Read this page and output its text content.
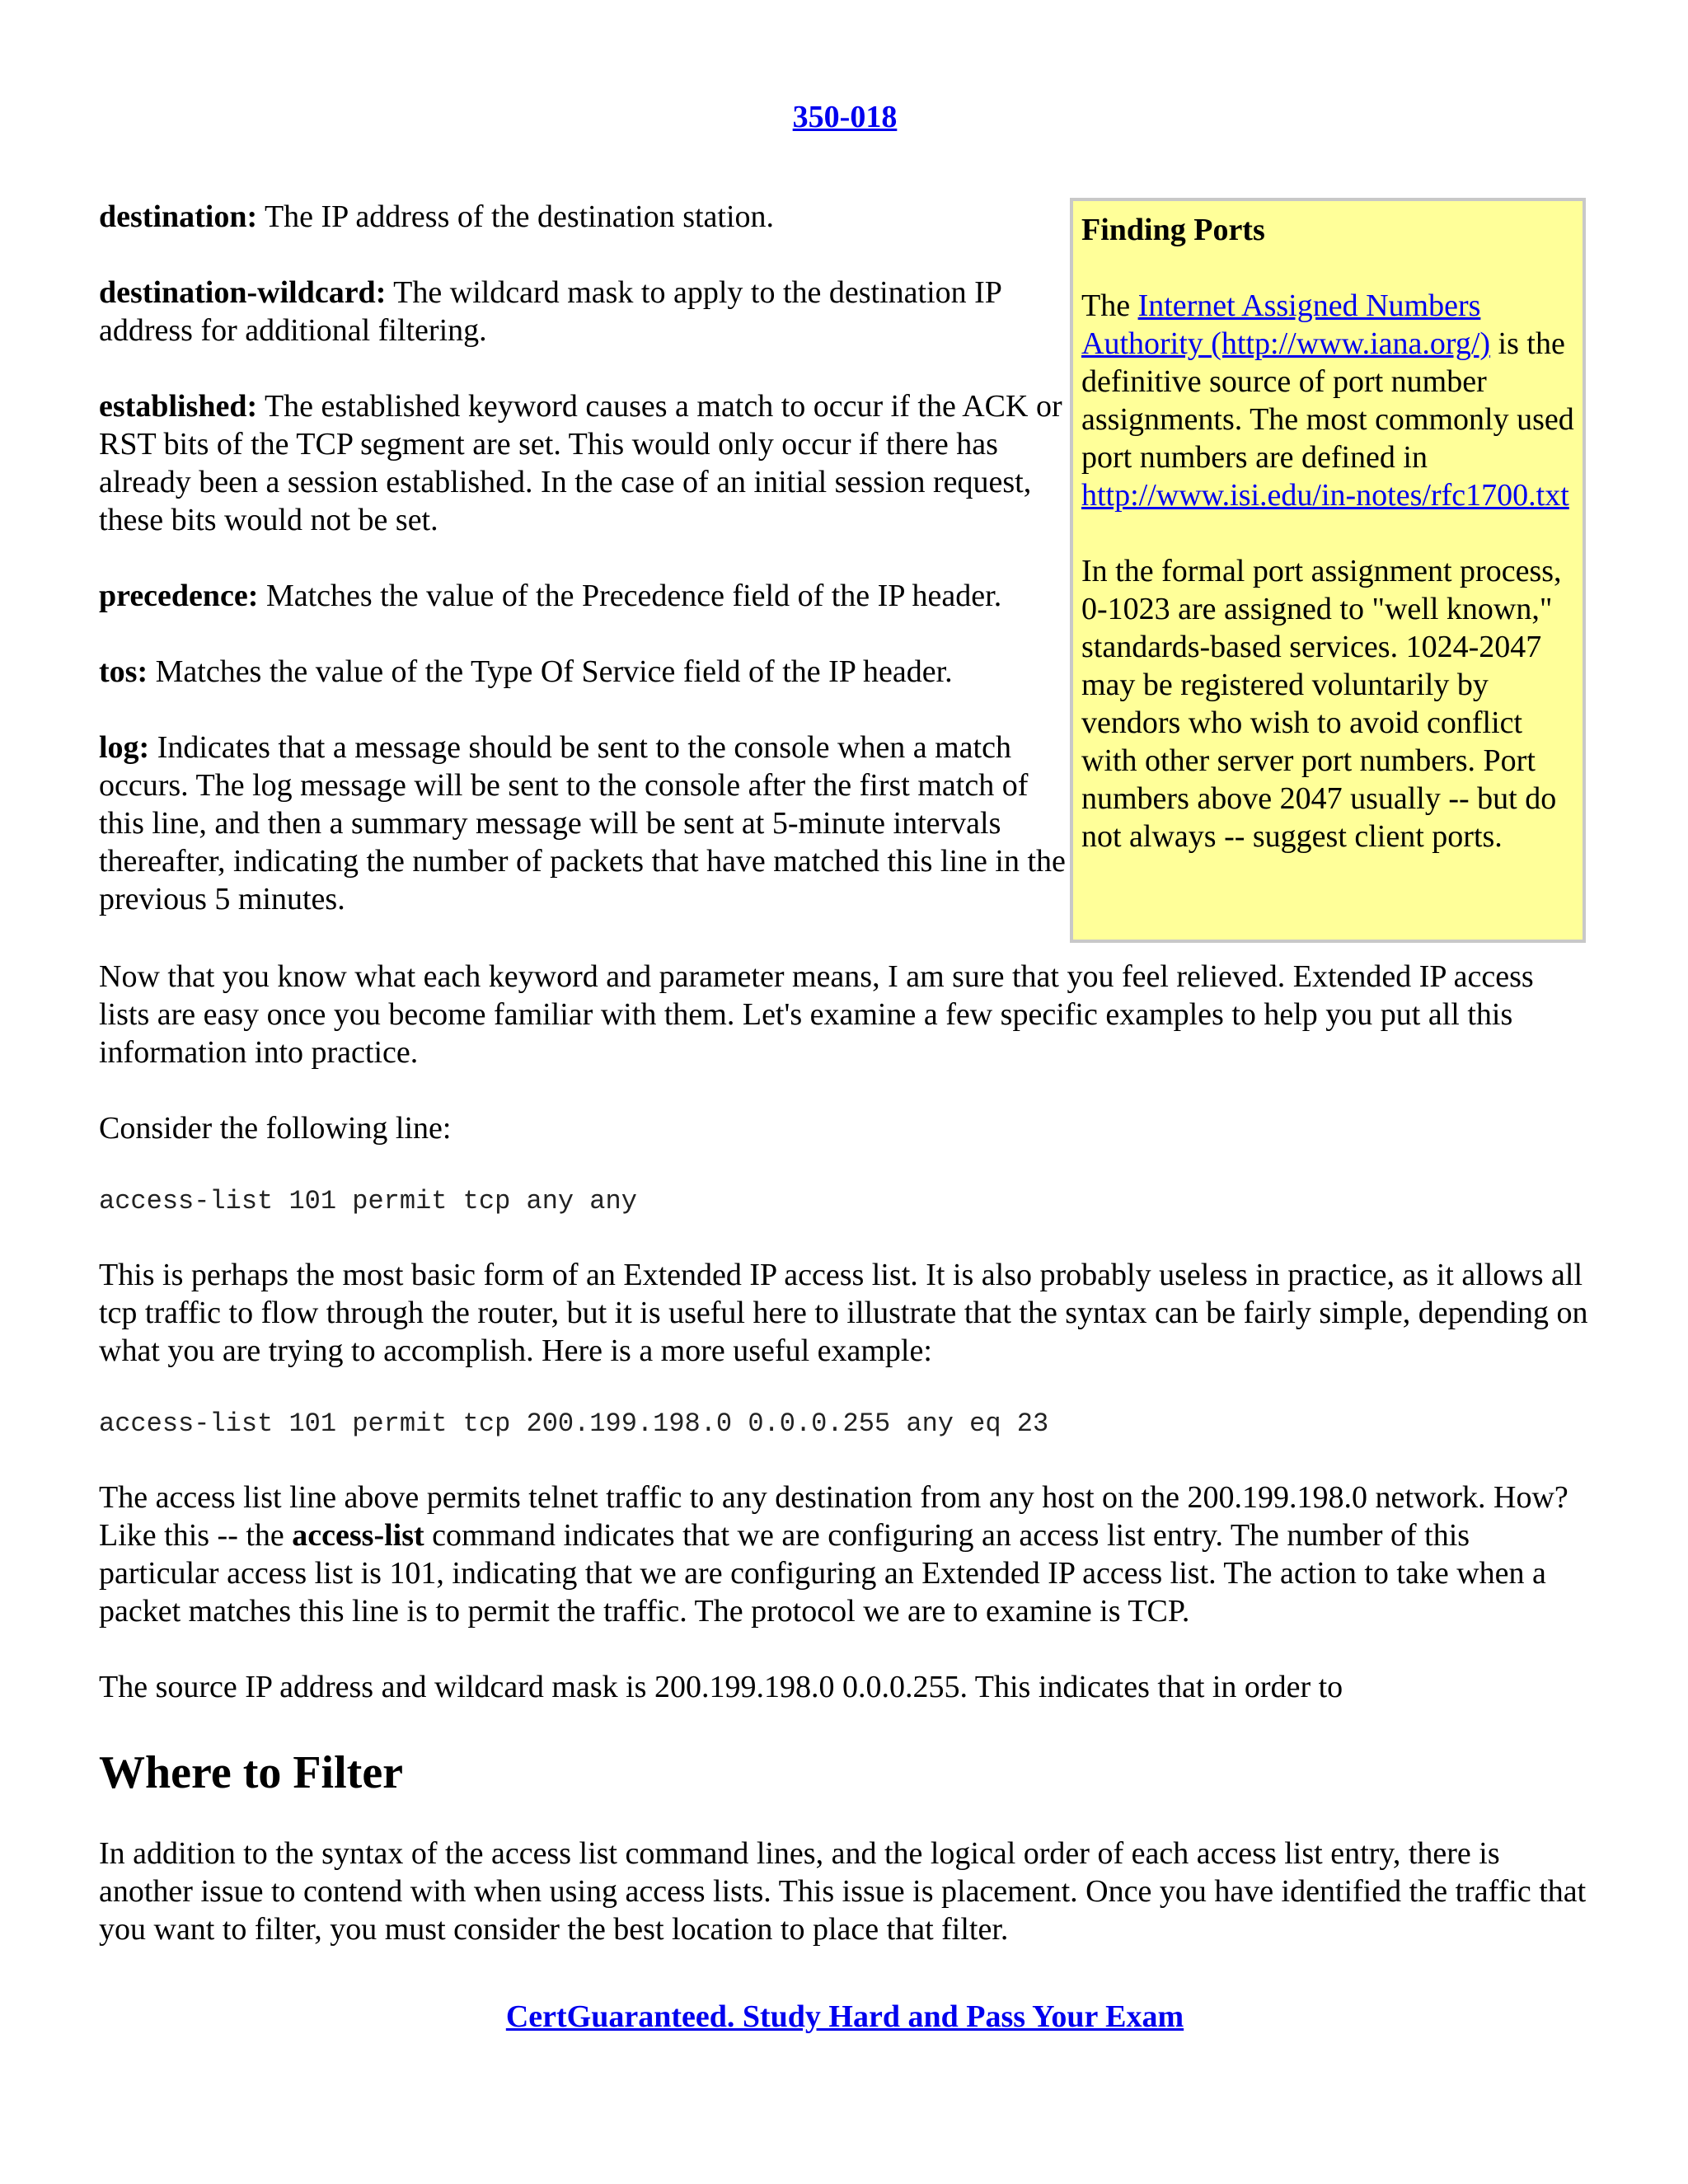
350-018

destination: The IP address of the destination station.

destination-wildcard: The wildcard mask to apply to the destination IP address for additional filtering.

established: The established keyword causes a match to occur if the ACK or RST bits of the TCP segment are set. This would only occur if there has already been a session established. In the case of an initial session request, these bits would not be set.

precedence: Matches the value of the Precedence field of the IP header.

tos: Matches the value of the Type Of Service field of the IP header.

log: Indicates that a message should be sent to the console when a match occurs. The log message will be sent to the console after the first match of this line, and then a summary message will be sent at 5-minute intervals thereafter, indicating the number of packets that have matched this line in the previous 5 minutes.

Finding Ports

The Internet Assigned Numbers Authority (http://www.iana.org/) is the definitive source of port number assignments. The most commonly used port numbers are defined in http://www.isi.edu/in-notes/rfc1700.txt

In the formal port assignment process, 0-1023 are assigned to "well known," standards-based services. 1024-2047 may be registered voluntarily by vendors who wish to avoid conflict with other server port numbers. Port numbers above 2047 usually -- but do not always -- suggest client ports.

Now that you know what each keyword and parameter means, I am sure that you feel relieved. Extended IP access lists are easy once you become familiar with them. Let's examine a few specific examples to help you put all this information into practice.

Consider the following line:

access-list 101 permit tcp any any

This is perhaps the most basic form of an Extended IP access list. It is also probably useless in practice, as it allows all tcp traffic to flow through the router, but it is useful here to illustrate that the syntax can be fairly simple, depending on what you are trying to accomplish. Here is a more useful example:

access-list 101 permit tcp 200.199.198.0 0.0.0.255 any eq 23

The access list line above permits telnet traffic to any destination from any host on the 200.199.198.0 network. How? Like this -- the access-list command indicates that we are configuring an access list entry. The number of this particular access list is 101, indicating that we are configuring an Extended IP access list. The action to take when a packet matches this line is to permit the traffic. The protocol we are to examine is TCP.

The source IP address and wildcard mask is 200.199.198.0 0.0.0.255. This indicates that in order to

Where to Filter

In addition to the syntax of the access list command lines, and the logical order of each access list entry, there is another issue to contend with when using access lists. This issue is placement. Once you have identified the traffic that you want to filter, you must consider the best location to place that filter.

CertGuaranteed. Study Hard and Pass Your Exam
